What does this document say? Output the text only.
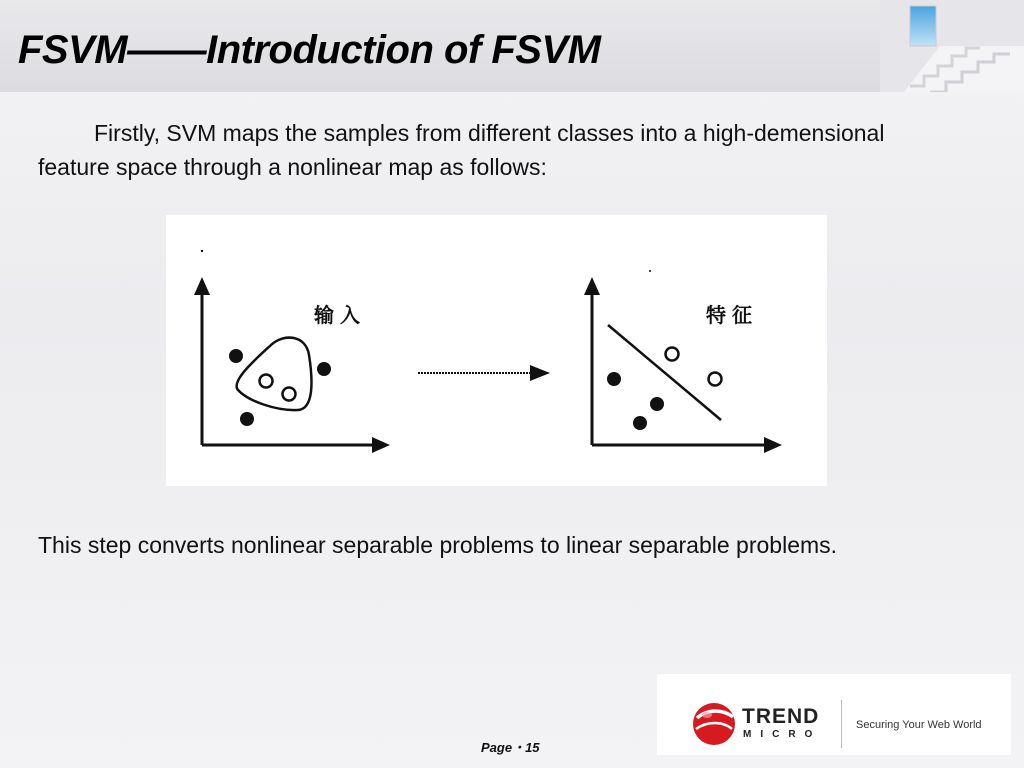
FSVM——Introduction of FSVM

Firstly, SVM maps the samples from different classes into a high-demensional feature space through a nonlinear map as follows:

输入	特征

This step converts nonlinear separable problems to linear separable problems.

TREND
MICRO
Securing Your Web World
Page・15
